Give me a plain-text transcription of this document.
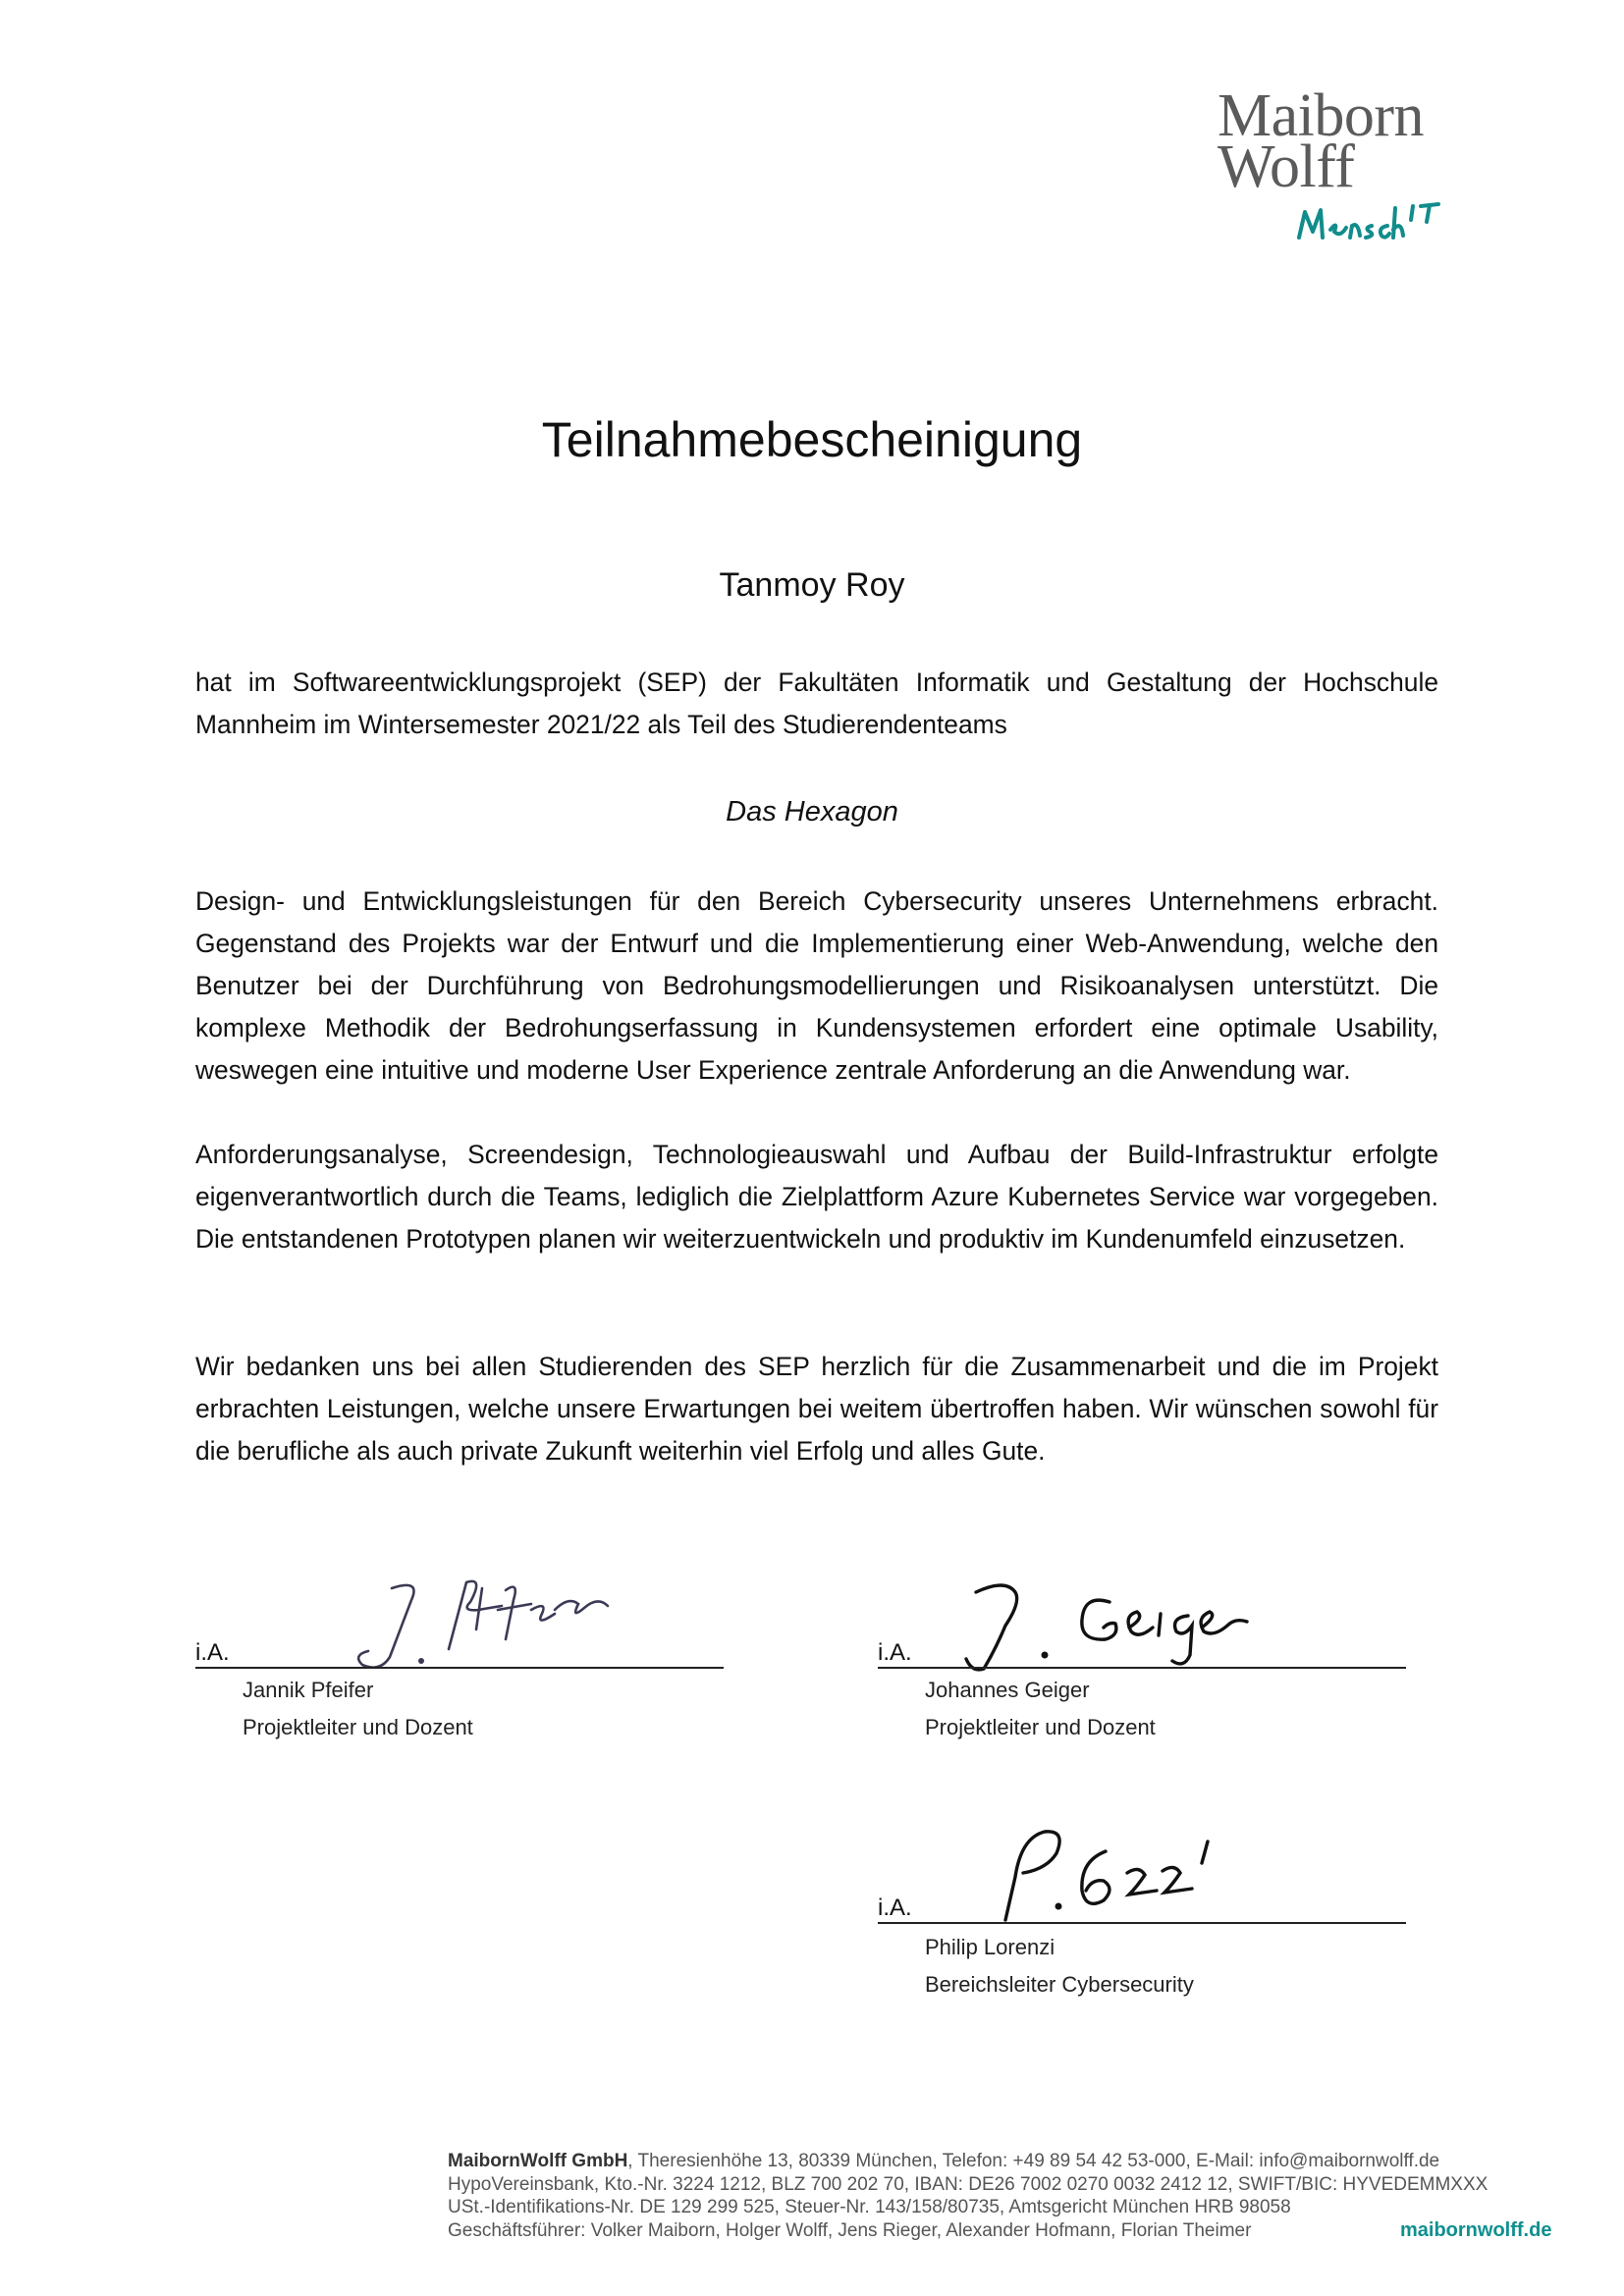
Maiborn
Wolff
Teilnahmebescheinigung
Tanmoy Roy

hat im Softwareentwicklungsprojekt (SEP) der Fakultäten Informatik und Gestaltung der Hochschule Mannheim im Wintersemester 2021/22 als Teil des Studierendenteams

Das Hexagon

Design- und Entwicklungsleistungen für den Bereich Cybersecurity unseres Unternehmens erbracht. Gegenstand des Projekts war der Entwurf und die Implementierung einer Web-Anwendung, welche den Benutzer bei der Durchführung von Bedrohungsmodellierungen und Risikoanalysen unterstützt. Die komplexe Methodik der Bedrohungserfassung in Kundensystemen erfordert eine optimale Usability, weswegen eine intuitive und moderne User Experience zentrale Anforderung an die Anwendung war.

Anforderungsanalyse, Screendesign, Technologieauswahl und Aufbau der Build-Infrastruktur erfolgte eigenverantwortlich durch die Teams, lediglich die Zielplattform Azure Kubernetes Service war vorgegeben. Die entstandenen Prototypen planen wir weiterzuentwickeln und produktiv im Kundenumfeld einzusetzen.

Wir bedanken uns bei allen Studierenden des SEP herzlich für die Zusammenarbeit und die im Projekt erbrachten Leistungen, welche unsere Erwartungen bei weitem übertroffen haben. Wir wünschen sowohl für die berufliche als auch private Zukunft weiterhin viel Erfolg und alles Gute.

i.A.
Jannik Pfeifer
Projektleiter und Dozent
i.A.
Johannes Geiger
Projektleiter und Dozent
i.A.
Philip Lorenzi
Bereichsleiter Cybersecurity
MaibornWolff GmbH, Theresienhöhe 13, 80339 München, Telefon: +49 89 54 42 53-000, E-Mail: info@maibornwolff.de
HypoVereinsbank, Kto.-Nr. 3224 1212, BLZ 700 202 70, IBAN: DE26 7002 0270 0032 2412 12, SWIFT/BIC: HYVEDEMMXXX
USt.-Identifikations-Nr. DE 129 299 525, Steuer-Nr. 143/158/80735, Amtsgericht München HRB 98058
Geschäftsführer: Volker Maiborn, Holger Wolff, Jens Rieger, Alexander Hofmann, Florian Theimer	maibornwolff.de
